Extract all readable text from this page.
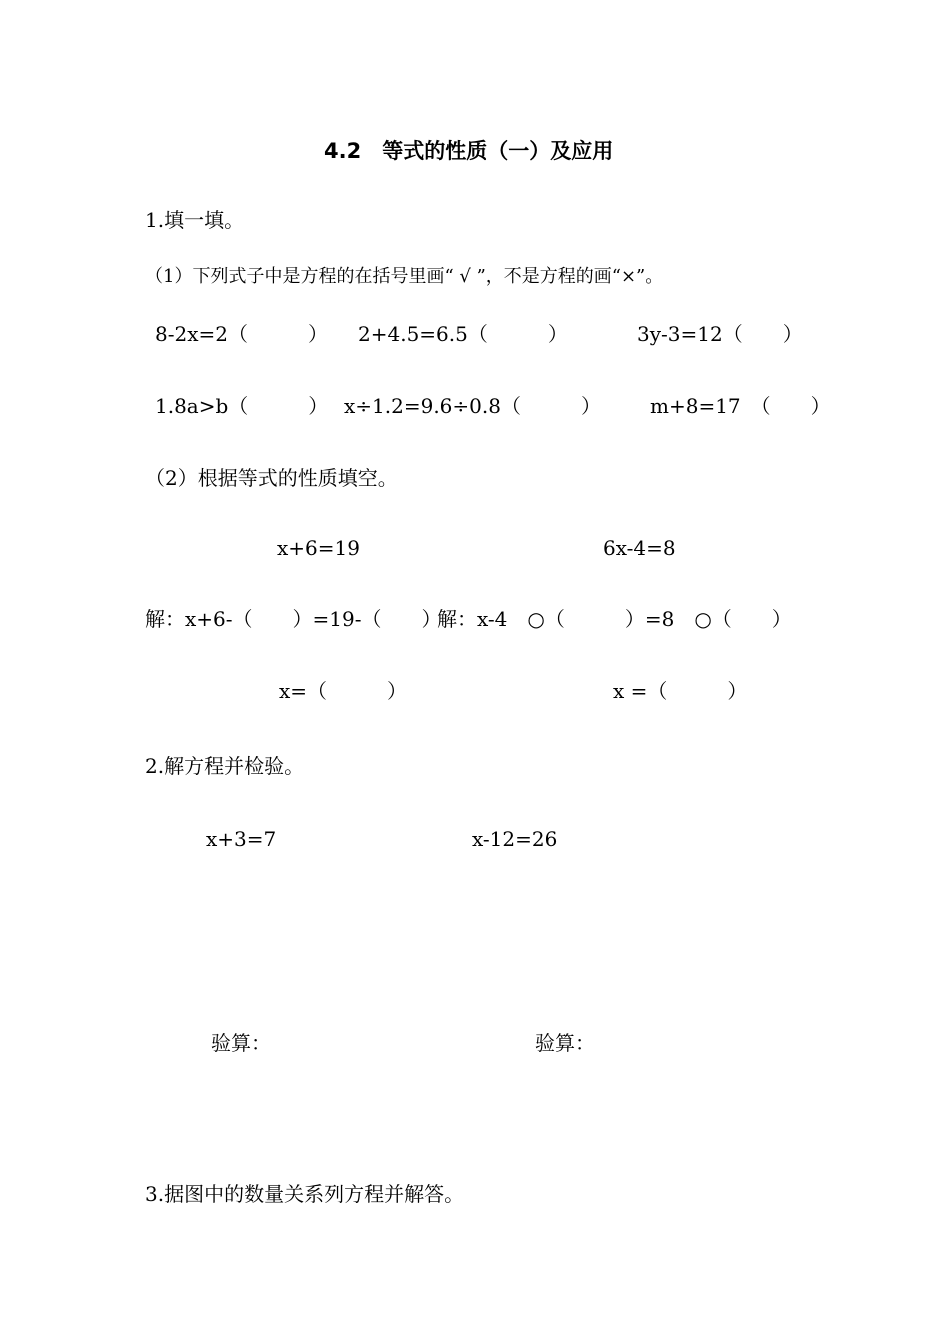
4.2　等式的性质（一）及应用
1.填一填。
（1）下列式子中是方程的在括号里画“ √ ”，不是方程的画“×”。
8-2x=2（　　　） 2+4.5=6.5（　　　）	3y-3=12（　　）
1.8a>b（　　　） x÷1.2=9.6÷0.8（　　　） m+8=17　（　　）
（2）根据等式的性质填空。
x+6=19	6x-4=8
解：x+6-（　　）=19-（　　）
解：x-4　○（　　　）=8　○（　　）
x=（　　　）	x =（　　　）
2.解方程并检验。
x+3=7	x-12=26
验算：	验算：
3.据图中的数量关系列方程并解答。
